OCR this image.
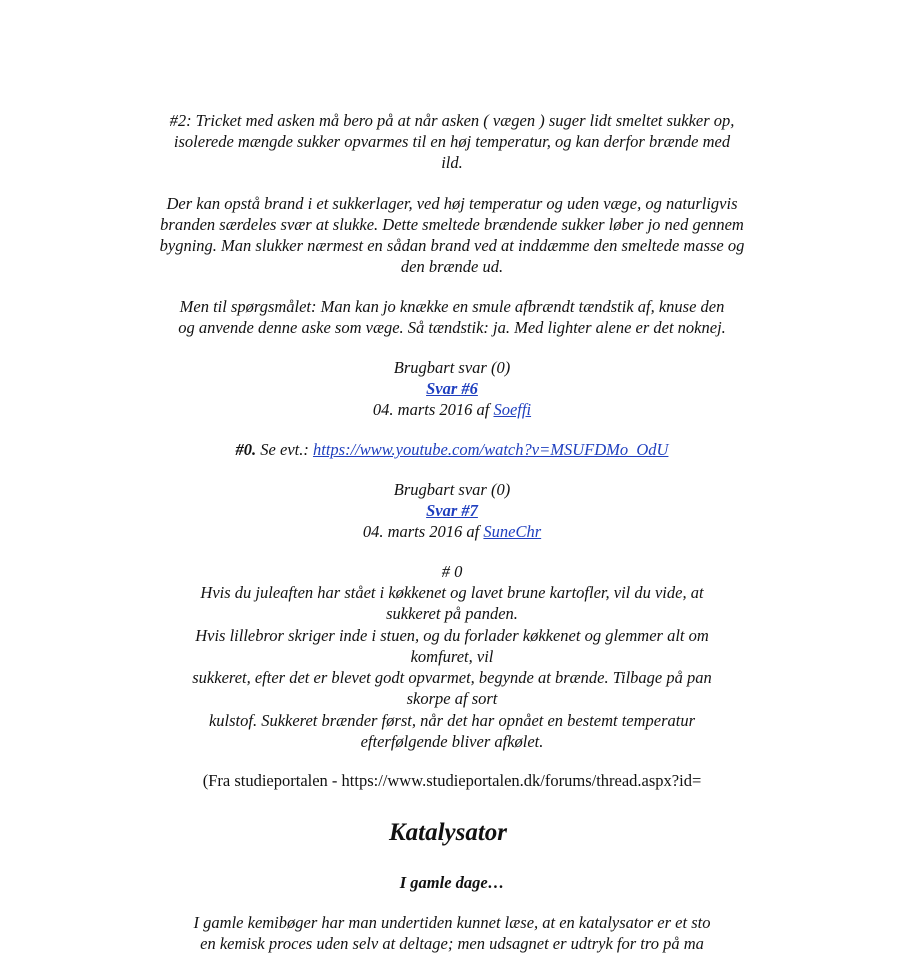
#2: Tricket med asken må bero på at når asken ( vægen ) suger lidt smeltet sukker op,
isolerede mængde sukker opvarmes til en høj temperatur, og kan derfor brænde med
ild.
Der kan opstå brand i et sukkerlager, ved høj temperatur og uden væge, og naturligvis
branden særdeles svær at slukke. Dette smeltede brændende sukker løber jo ned gennem
bygning. Man slukker nærmest en sådan brand ved at inddæmme den smeltede masse og
den brænde ud.
Men til spørgsmålet: Man kan jo knække en smule afbrændt tændstik af, knuse den
og anvende denne aske som væge. Så tændstik: ja. Med lighter alene er det noknej.
Brugbart svar (0)
Svar #6
04. marts 2016 af Soeffi
#0. Se evt.: https://www.youtube.com/watch?v=MSUFDMo_OdU
Brugbart svar (0)
Svar #7
04. marts 2016 af SuneChr
# 0
Hvis du juleaften har stået i køkkenet og lavet brune kartofler, vil du vide, at
sukkeret på panden.
Hvis lillebror skriger inde i stuen, og du forlader køkkenet og glemmer alt om
komfuret, vil
sukkeret, efter det er blevet godt opvarmet, begynde at brænde. Tilbage på pan
skorpe af sort
kulstof. Sukkeret brænder først, når det har opnået en bestemt temperatur
efterfølgende bliver afkølet.
(Fra studieportalen - https://www.studieportalen.dk/forums/thread.aspx?id=
Katalysator
I gamle dage…
I gamle kemibøger har man undertiden kunnet læse, at en katalysator er et sto
en kemisk proces uden selv at deltage; men udsagnet er udtryk for tro på ma
